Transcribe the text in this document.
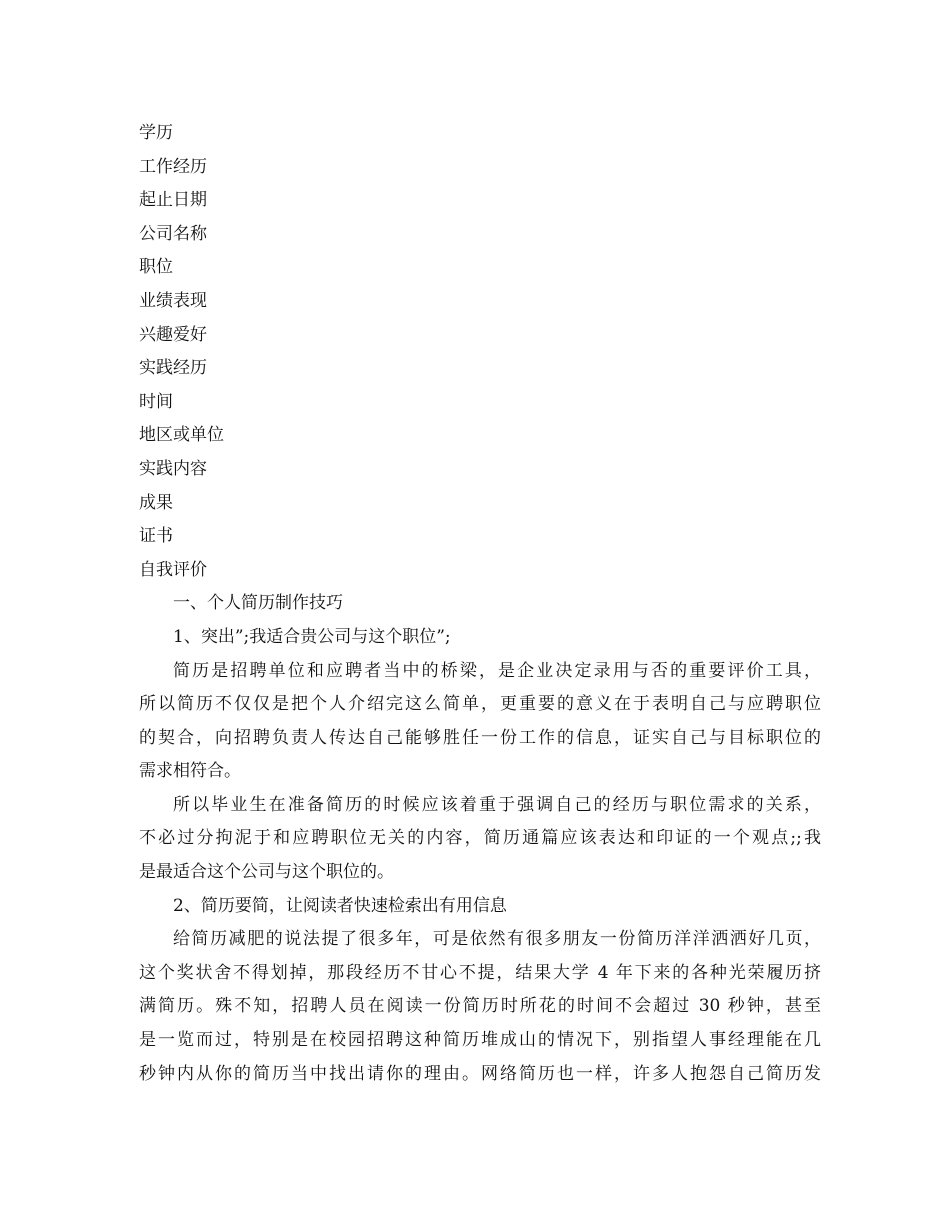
学历
工作经历
起止日期
公司名称
职位
业绩表现
兴趣爱好
实践经历
时间
地区或单位
实践内容
成果
证书
自我评价
一、个人简历制作技巧
1、突出”;我适合贵公司与这个职位”;
简历是招聘单位和应聘者当中的桥梁，是企业决定录用与否的重要评价工具，
所以简历不仅仅是把个人介绍完这么简单，更重要的意义在于表明自己与应聘职位
的契合，向招聘负责人传达自己能够胜任一份工作的信息，证实自己与目标职位的
需求相符合。
所以毕业生在准备简历的时候应该着重于强调自己的经历与职位需求的关系，
不必过分拘泥于和应聘职位无关的内容，简历通篇应该表达和印证的一个观点;;我
是最适合这个公司与这个职位的。
2、简历要简，让阅读者快速检索出有用信息
给简历减肥的说法提了很多年，可是依然有很多朋友一份简历洋洋洒洒好几页，
这个奖状舍不得划掉，那段经历不甘心不提，结果大学 4 年下来的各种光荣履历挤
满简历。殊不知，招聘人员在阅读一份简历时所花的时间不会超过 30 秒钟，甚至
是一览而过，特别是在校园招聘这种简历堆成山的情况下，别指望人事经理能在几
秒钟内从你的简历当中找出请你的理由。网络简历也一样，许多人抱怨自己简历发
